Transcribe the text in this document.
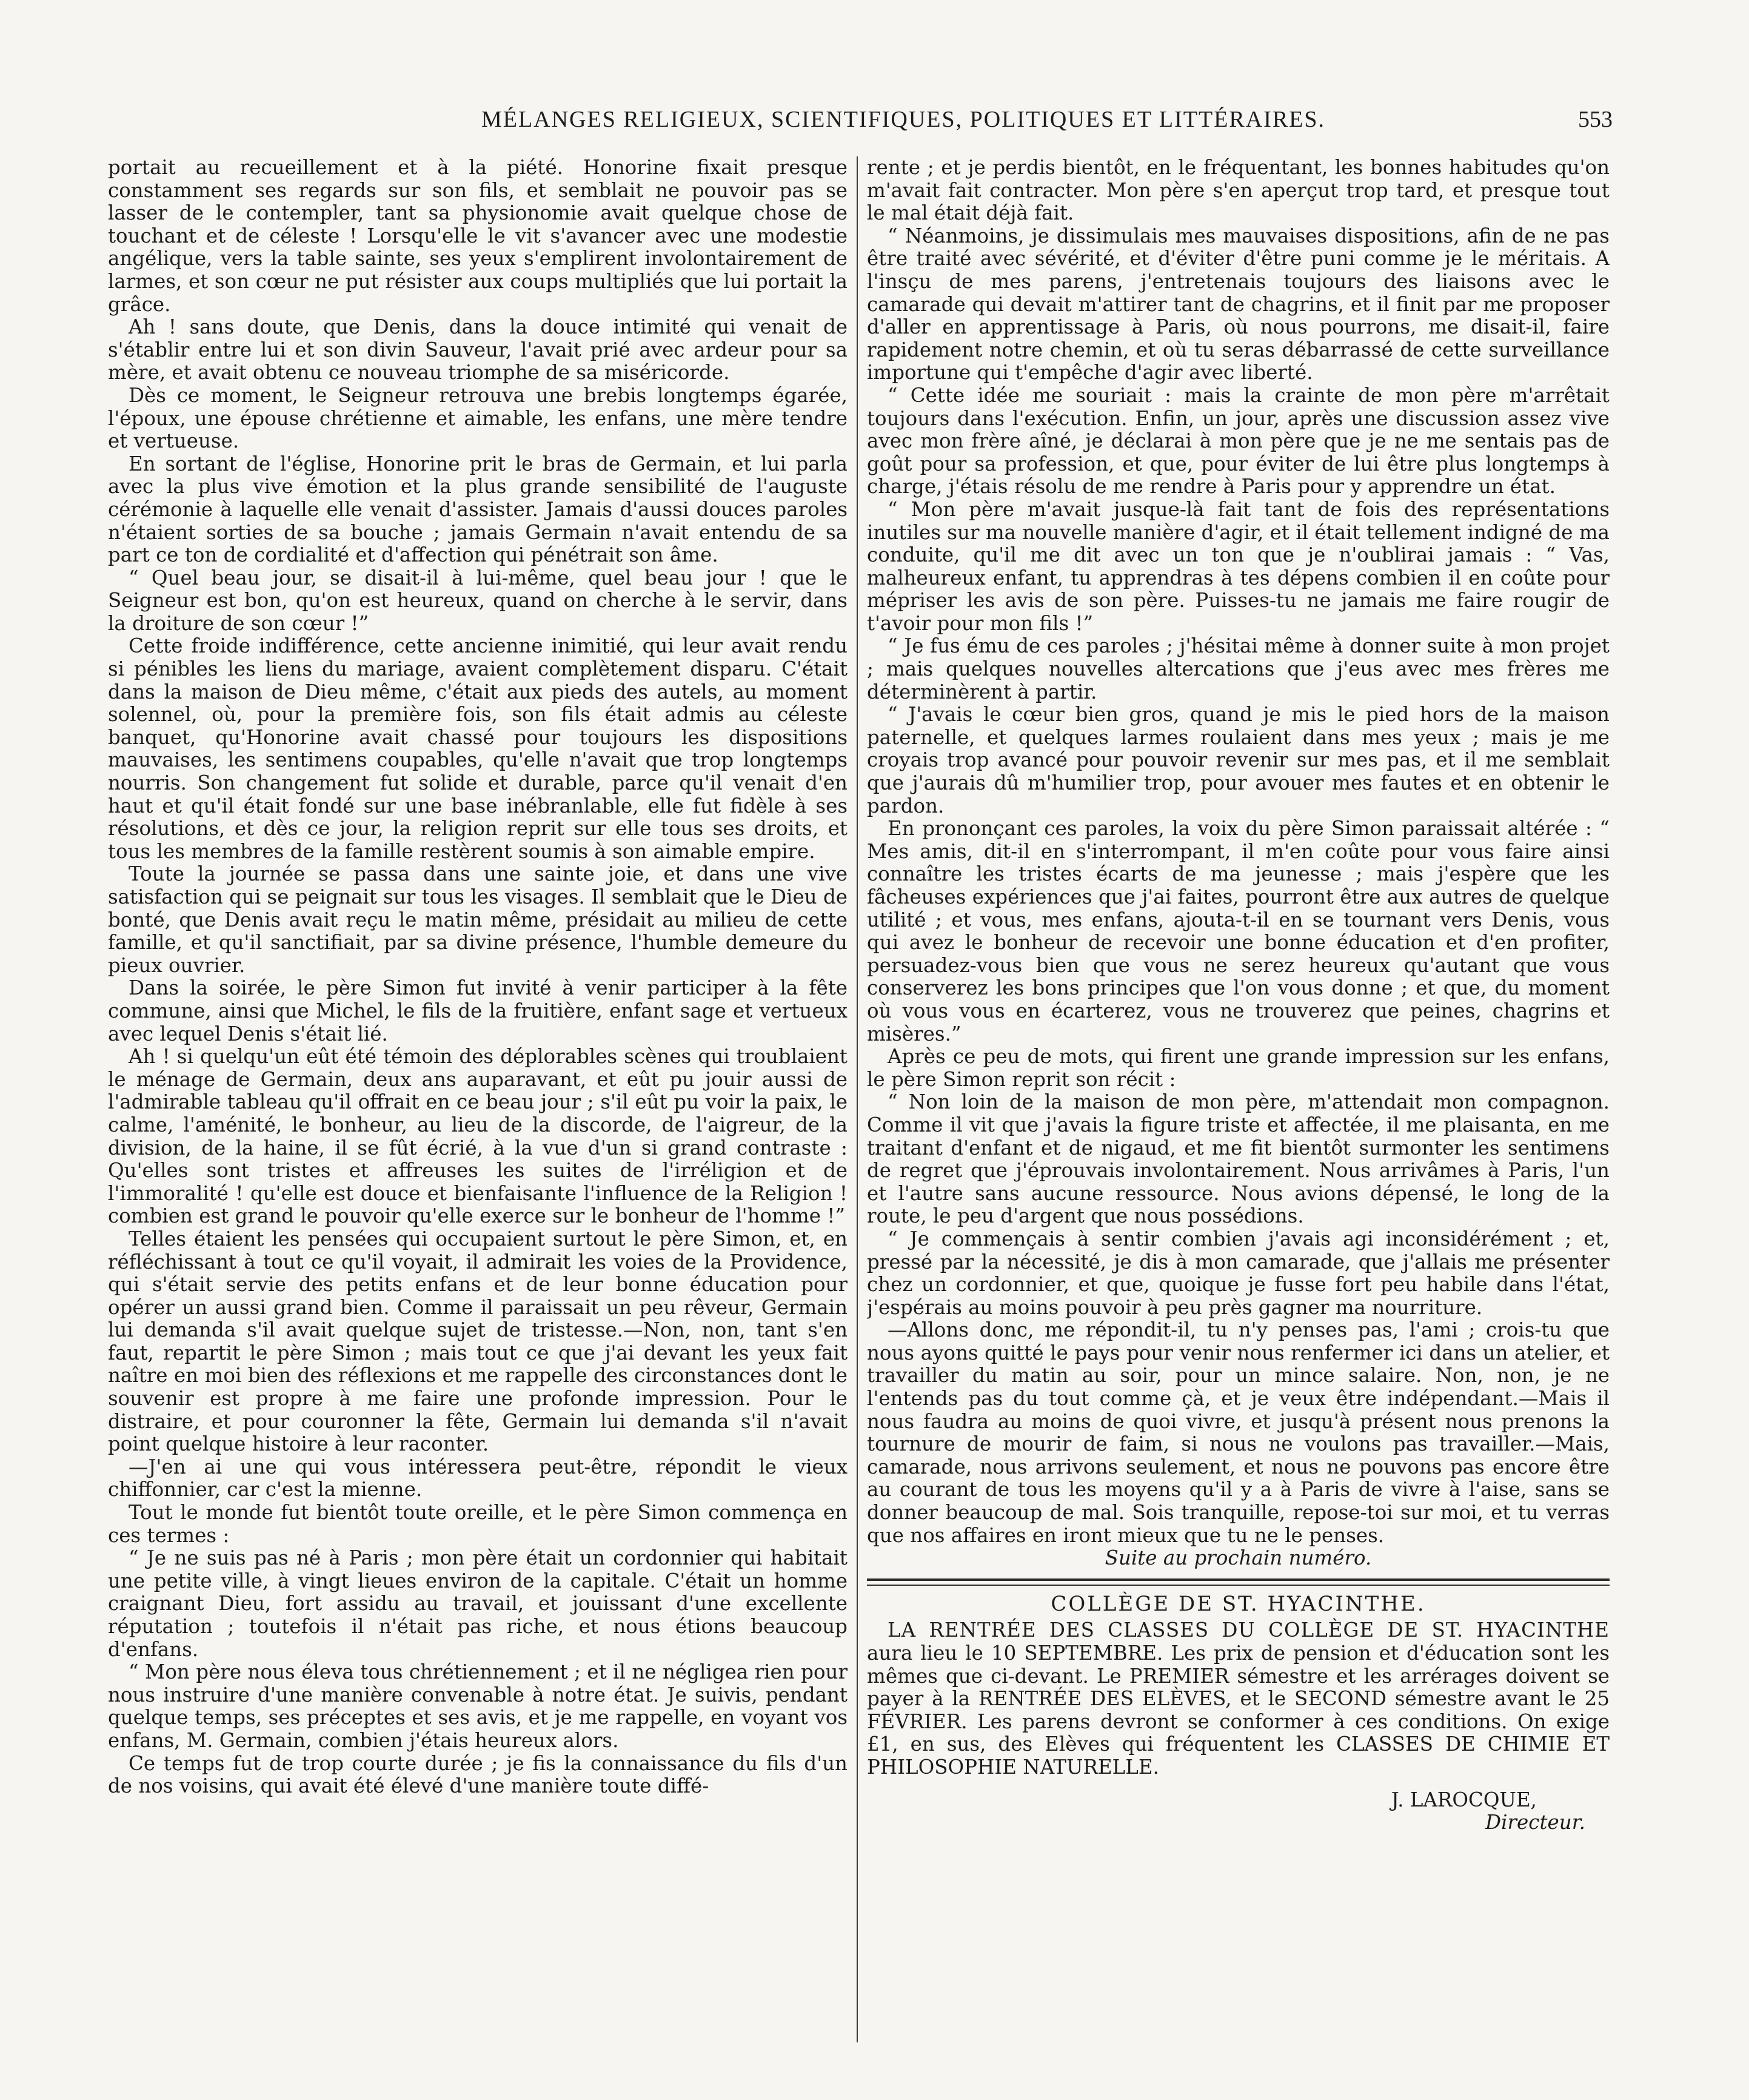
MÉLANGES RELIGIEUX, SCIENTIFIQUES, POLITIQUES ET LITTÉRAIRES.	553

portait au recueillement et à la piété. Honorine fixait presque constamment ses regards sur son fils, et semblait ne pouvoir pas se lasser de le contempler, tant sa physionomie avait quelque chose de touchant et de céleste ! Lorsqu'elle le vit s'avancer avec une modestie angélique, vers la table sainte, ses yeux s'emplirent involontairement de larmes, et son cœur ne put résister aux coups multipliés que lui portait la grâce.

Ah ! sans doute, que Denis, dans la douce intimité qui venait de s'établir entre lui et son divin Sauveur, l'avait prié avec ardeur pour sa mère, et avait obtenu ce nouveau triomphe de sa miséricorde.

Dès ce moment, le Seigneur retrouva une brebis longtemps égarée, l'époux, une épouse chrétienne et aimable, les enfans, une mère tendre et vertueuse.

En sortant de l'église, Honorine prit le bras de Germain, et lui parla avec la plus vive émotion et la plus grande sensibilité de l'auguste cérémonie à laquelle elle venait d'assister. Jamais d'aussi douces paroles n'étaient sorties de sa bouche ; jamais Germain n'avait entendu de sa part ce ton de cordialité et d'affection qui pénétrait son âme.

“ Quel beau jour, se disait-il à lui-même, quel beau jour ! que le Seigneur est bon, qu'on est heureux, quand on cherche à le servir, dans la droiture de son cœur !”

Cette froide indifférence, cette ancienne inimitié, qui leur avait rendu si pénibles les liens du mariage, avaient complètement disparu. C'était dans la maison de Dieu même, c'était aux pieds des autels, au moment solennel, où, pour la première fois, son fils était admis au céleste banquet, qu'Honorine avait chassé pour toujours les dispositions mauvaises, les sentimens coupables, qu'elle n'avait que trop longtemps nourris. Son changement fut solide et durable, parce qu'il venait d'en haut et qu'il était fondé sur une base inébranlable, elle fut fidèle à ses résolutions, et dès ce jour, la religion reprit sur elle tous ses droits, et tous les membres de la famille restèrent soumis à son aimable empire.

Toute la journée se passa dans une sainte joie, et dans une vive satisfaction qui se peignait sur tous les visages. Il semblait que le Dieu de bonté, que Denis avait reçu le matin même, présidait au milieu de cette famille, et qu'il sanctifiait, par sa divine présence, l'humble demeure du pieux ouvrier.

Dans la soirée, le père Simon fut invité à venir participer à la fête commune, ainsi que Michel, le fils de la fruitière, enfant sage et vertueux avec lequel Denis s'était lié.

Ah ! si quelqu'un eût été témoin des déplorables scènes qui troublaient le ménage de Germain, deux ans auparavant, et eût pu jouir aussi de l'admirable tableau qu'il offrait en ce beau jour ; s'il eût pu voir la paix, le calme, l'aménité, le bonheur, au lieu de la discorde, de l'aigreur, de la division, de la haine, il se fût écrié, à la vue d'un si grand contraste : Qu'elles sont tristes et affreuses les suites de l'irréligion et de l'immoralité ! qu'elle est douce et bienfaisante l'influence de la Religion ! combien est grand le pouvoir qu'elle exerce sur le bonheur de l'homme !”

Telles étaient les pensées qui occupaient surtout le père Simon, et, en réfléchissant à tout ce qu'il voyait, il admirait les voies de la Providence, qui s'était servie des petits enfans et de leur bonne éducation pour opérer un aussi grand bien. Comme il paraissait un peu rêveur, Germain lui demanda s'il avait quelque sujet de tristesse.—Non, non, tant s'en faut, repartit le père Simon ; mais tout ce que j'ai devant les yeux fait naître en moi bien des réflexions et me rappelle des circonstances dont le souvenir est propre à me faire une profonde impression. Pour le distraire, et pour couronner la fête, Germain lui demanda s'il n'avait point quelque histoire à leur raconter.

—J'en ai une qui vous intéressera peut-être, répondit le vieux chiffonnier, car c'est la mienne.

Tout le monde fut bientôt toute oreille, et le père Simon commença en ces termes :

“ Je ne suis pas né à Paris ; mon père était un cordonnier qui habitait une petite ville, à vingt lieues environ de la capitale. C'était un homme craignant Dieu, fort assidu au travail, et jouissant d'une excellente réputation ; toutefois il n'était pas riche, et nous étions beaucoup d'enfans.

“ Mon père nous éleva tous chrétiennement ; et il ne négligea rien pour nous instruire d'une manière convenable à notre état. Je suivis, pendant quelque temps, ses préceptes et ses avis, et je me rappelle, en voyant vos enfans, M. Germain, combien j'étais heureux alors.

Ce temps fut de trop courte durée ; je fis la connaissance du fils d'un de nos voisins, qui avait été élevé d'une manière toute diffé-

rente ; et je perdis bientôt, en le fréquentant, les bonnes habitudes qu'on m'avait fait contracter. Mon père s'en aperçut trop tard, et presque tout le mal était déjà fait.

“ Néanmoins, je dissimulais mes mauvaises dispositions, afin de ne pas être traité avec sévérité, et d'éviter d'être puni comme je le méritais. A l'insçu de mes parens, j'entretenais toujours des liaisons avec le camarade qui devait m'attirer tant de chagrins, et il finit par me proposer d'aller en apprentissage à Paris, où nous pourrons, me disait-il, faire rapidement notre chemin, et où tu seras débarrassé de cette surveillance importune qui t'empêche d'agir avec liberté.

“ Cette idée me souriait : mais la crainte de mon père m'arrêtait toujours dans l'exécution. Enfin, un jour, après une discussion assez vive avec mon frère aîné, je déclarai à mon père que je ne me sentais pas de goût pour sa profession, et que, pour éviter de lui être plus longtemps à charge, j'étais résolu de me rendre à Paris pour y apprendre un état.

“ Mon père m'avait jusque-là fait tant de fois des représentations inutiles sur ma nouvelle manière d'agir, et il était tellement indigné de ma conduite, qu'il me dit avec un ton que je n'oublirai jamais : “ Vas, malheureux enfant, tu apprendras à tes dépens combien il en coûte pour mépriser les avis de son père. Puisses-tu ne jamais me faire rougir de t'avoir pour mon fils !”

“ Je fus ému de ces paroles ; j'hésitai même à donner suite à mon projet ; mais quelques nouvelles altercations que j'eus avec mes frères me déterminèrent à partir.

“ J'avais le cœur bien gros, quand je mis le pied hors de la maison paternelle, et quelques larmes roulaient dans mes yeux ; mais je me croyais trop avancé pour pouvoir revenir sur mes pas, et il me semblait que j'aurais dû m'humilier trop, pour avouer mes fautes et en obtenir le pardon.

En prononçant ces paroles, la voix du père Simon paraissait altérée : “ Mes amis, dit-il en s'interrompant, il m'en coûte pour vous faire ainsi connaître les tristes écarts de ma jeunesse ; mais j'espère que les fâcheuses expériences que j'ai faites, pourront être aux autres de quelque utilité ; et vous, mes enfans, ajouta-t-il en se tournant vers Denis, vous qui avez le bonheur de recevoir une bonne éducation et d'en profiter, persuadez-vous bien que vous ne serez heureux qu'autant que vous conserverez les bons principes que l'on vous donne ; et que, du moment où vous vous en écarterez, vous ne trouverez que peines, chagrins et misères.”

Après ce peu de mots, qui firent une grande impression sur les enfans, le père Simon reprit son récit :

“ Non loin de la maison de mon père, m'attendait mon compagnon. Comme il vit que j'avais la figure triste et affectée, il me plaisanta, en me traitant d'enfant et de nigaud, et me fit bientôt surmonter les sentimens de regret que j'éprouvais involontairement. Nous arrivâmes à Paris, l'un et l'autre sans aucune ressource. Nous avions dépensé, le long de la route, le peu d'argent que nous possédions.

“ Je commençais à sentir combien j'avais agi inconsidérément ; et, pressé par la nécessité, je dis à mon camarade, que j'allais me présenter chez un cordonnier, et que, quoique je fusse fort peu habile dans l'état, j'espérais au moins pouvoir à peu près gagner ma nourriture.

—Allons donc, me répondit-il, tu n'y penses pas, l'ami ; crois-tu que nous ayons quitté le pays pour venir nous renfermer ici dans un atelier, et travailler du matin au soir, pour un mince salaire. Non, non, je ne l'entends pas du tout comme çà, et je veux être indépendant.—Mais il nous faudra au moins de quoi vivre, et jusqu'à présent nous prenons la tournure de mourir de faim, si nous ne voulons pas travailler.—Mais, camarade, nous arrivons seulement, et nous ne pouvons pas encore être au courant de tous les moyens qu'il y a à Paris de vivre à l'aise, sans se donner beaucoup de mal. Sois tranquille, repose-toi sur moi, et tu verras que nos affaires en iront mieux que tu ne le penses.

Suite au prochain numéro.

COLLÈGE DE ST. HYACINTHE.

LA RENTRÉE DES CLASSES DU COLLÈGE DE ST. HYACINTHE aura lieu le 10 SEPTEMBRE. Les prix de pension et d'éducation sont les mêmes que ci-devant. Le PREMIER sémestre et les arrérages doivent se payer à la RENTRÉE DES ELÈVES, et le SECOND sémestre avant le 25 FÉVRIER. Les parens devront se conformer à ces conditions. On exige £1, en sus, des Elèves qui fréquentent les CLASSES DE CHIMIE ET PHILOSOPHIE NATURELLE.

J. LAROCQUE,

Directeur.
